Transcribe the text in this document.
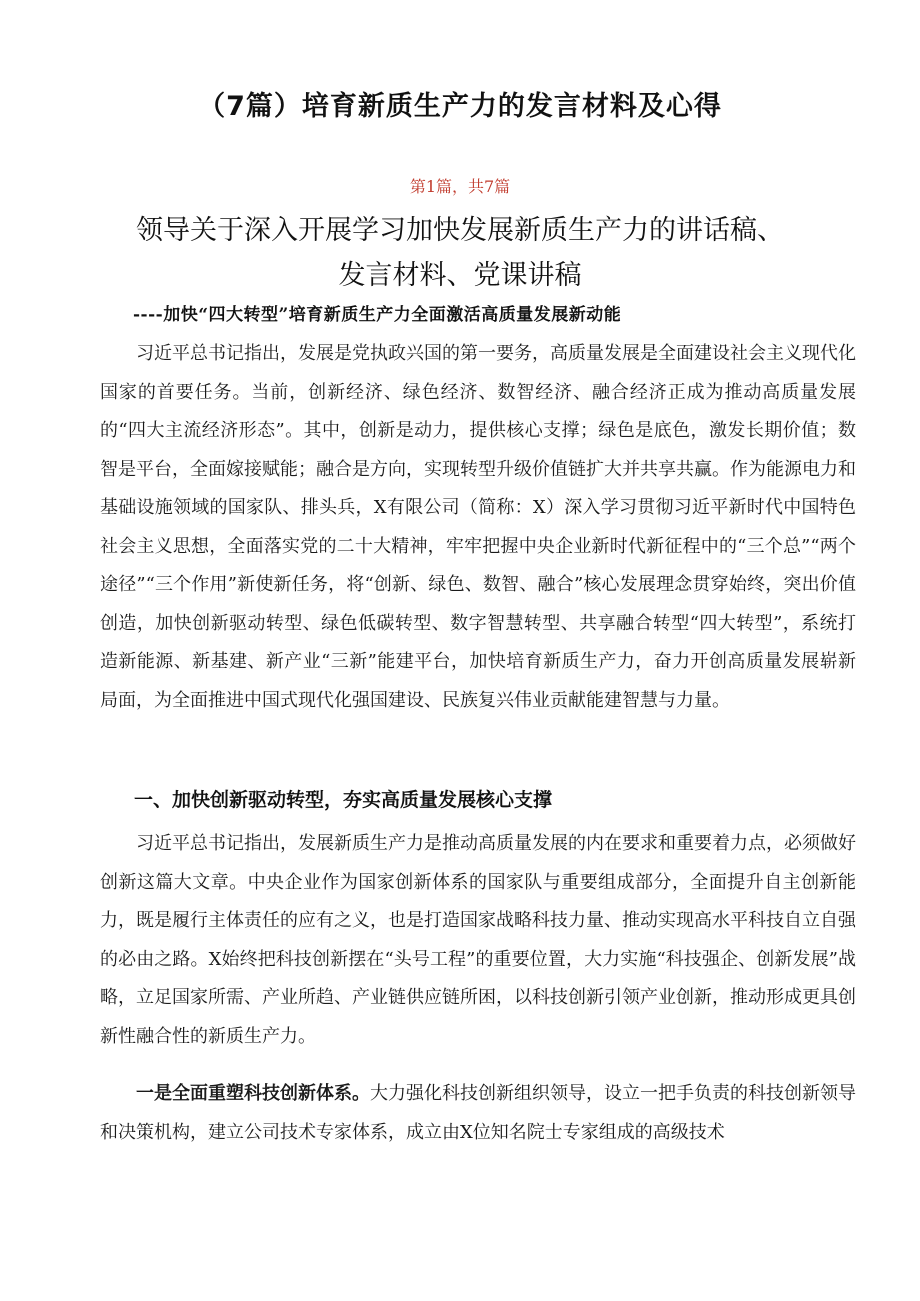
（7篇）培育新质生产力的发言材料及心得
第1篇，共7篇
领导关于深入开展学习加快发展新质生产力的讲话稿、
发言材料、党课讲稿
----加快“四大转型”培育新质生产力全面激活高质量发展新动能

习近平总书记指出，发展是党执政兴国的第一要务，高质量发展是全面建设社会主义现代化国家的首要任务。当前，创新经济、绿色经济、数智经济、融合经济正成为推动高质量发展的“四大主流经济形态”。其中，创新是动力，提供核心支撑；绿色是底色，激发长期价值；数智是平台，全面嫁接赋能；融合是方向，实现转型升级价值链扩大并共享共赢。作为能源电力和基础设施领域的国家队、排头兵，X有限公司（简称：X）深入学习贯彻习近平新时代中国特色社会主义思想，全面落实党的二十大精神，牢牢把握中央企业新时代新征程中的“三个总”“两个途径”“三个作用”新使新任务，将“创新、绿色、数智、融合”核心发展理念贯穿始终，突出价值创造，加快创新驱动转型、绿色低碳转型、数字智慧转型、共享融合转型“四大转型”，系统打造新能源、新基建、新产业“三新”能建平台，加快培育新质生产力，奋力开创高质量发展崭新局面，为全面推进中国式现代化强国建设、民族复兴伟业贡献能建智慧与力量。

一、加快创新驱动转型，夯实高质量发展核心支撑

习近平总书记指出，发展新质生产力是推动高质量发展的内在要求和重要着力点，必须做好创新这篇大文章。中央企业作为国家创新体系的国家队与重要组成部分，全面提升自主创新能力，既是履行主体责任的应有之义，也是打造国家战略科技力量、推动实现高水平科技自立自强的必由之路。X始终把科技创新摆在“头号工程”的重要位置，大力实施“科技强企、创新发展”战略，立足国家所需、产业所趋、产业链供应链所困，以科技创新引领产业创新，推动形成更具创新性融合性的新质生产力。

一是全面重塑科技创新体系。大力强化科技创新组织领导，设立一把手负责的科技创新领导和决策机构，建立公司技术专家体系，成立由X位知名院士专家组成的高级技术
